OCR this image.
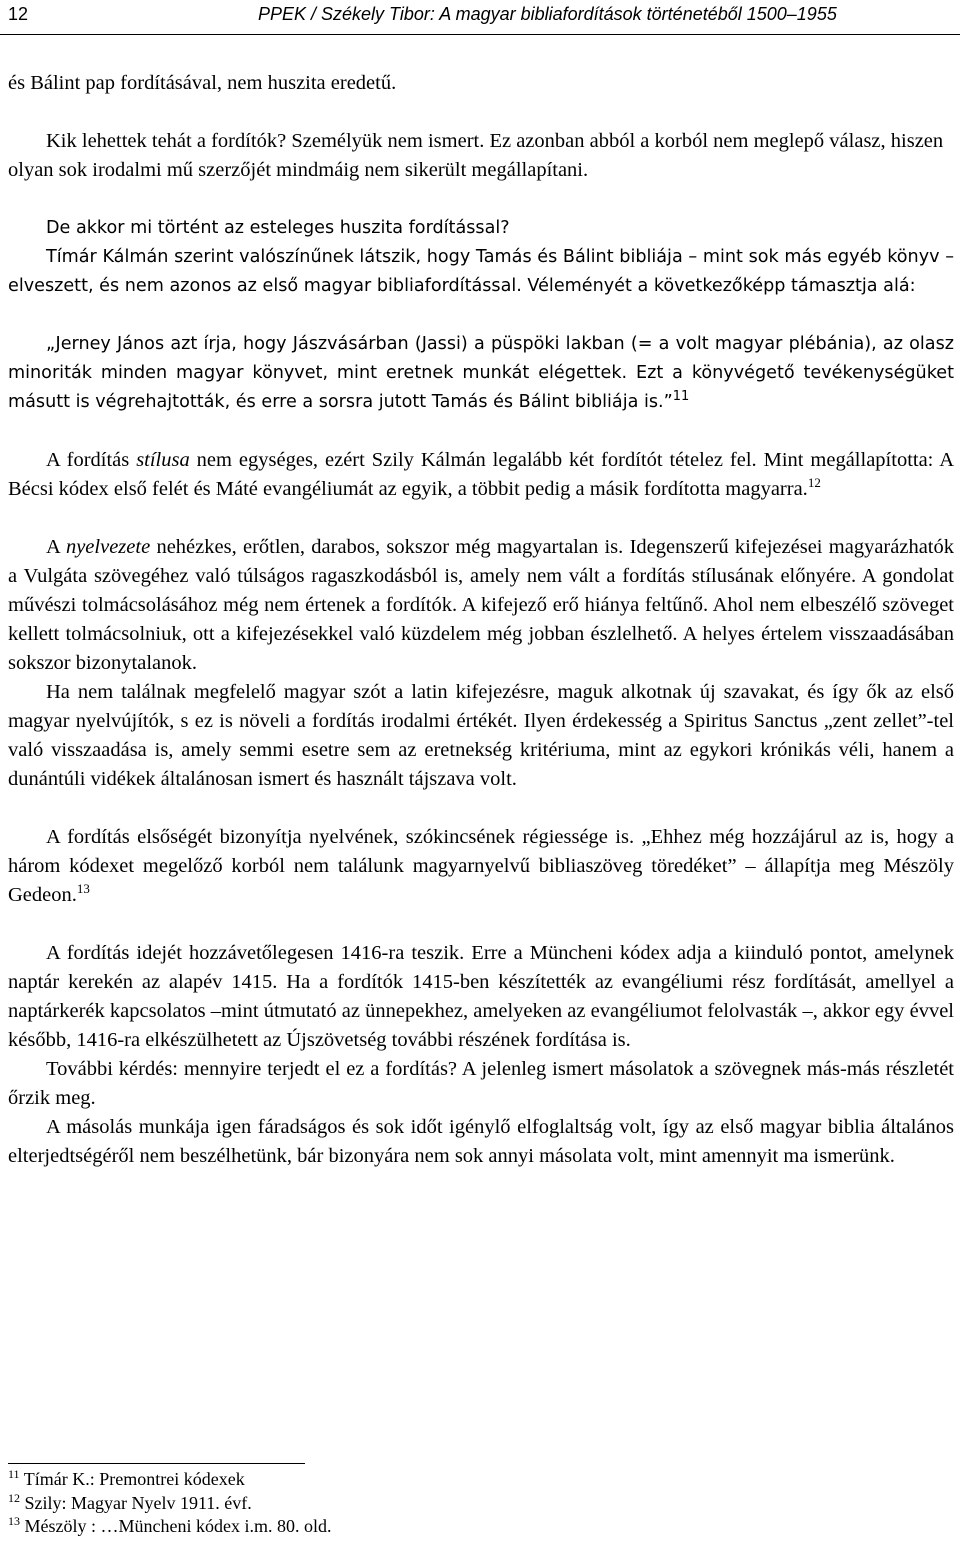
12	PPEK / Székely Tibor: A magyar bibliafordítások történetéből 1500–1955

és Bálint pap fordításával, nem huszita eredetű.

Kik lehettek tehát a fordítók? Személyük nem ismert. Ez azonban abból a korból nem meglepő válasz, hiszen olyan sok irodalmi mű szerzőjét mindmáig nem sikerült megállapítani.

De akkor mi történt az esteleges huszita fordítással?

Tímár Kálmán szerint valószínűnek látszik, hogy Tamás és Bálint bibliája – mint sok más egyéb könyv – elveszett, és nem azonos az első magyar bibliafordítással. Véleményét a következőképp támasztja alá:

„Jerney János azt írja, hogy Jászvásárban (Jassi) a püspöki lakban (= a volt magyar plébánia), az olasz minoriták minden magyar könyvet, mint eretnek munkát elégettek. Ezt a könyvégető tevékenységüket másutt is végrehajtották, és erre a sorsra jutott Tamás és Bálint bibliája is.”$^{11}$

A fordítás stílusa nem egységes, ezért Szily Kálmán legalább két fordítót tételez fel. Mint megállapította: A Bécsi kódex első felét és Máté evangéliumát az egyik, a többit pedig a másik fordította magyarra.$^{12}$

A nyelvezete nehézkes, erőtlen, darabos, sokszor még magyartalan is. Idegenszerű kifejezései magyarázhatók a Vulgáta szövegéhez való túlságos ragaszkodásból is, amely nem vált a fordítás stílusának előnyére. A gondolat művészi tolmácsolásához még nem értenek a fordítók. A kifejező erő hiánya feltűnő. Ahol nem elbeszélő szöveget kellett tolmácsolniuk, ott a kifejezésekkel való küzdelem még jobban észlelhető. A helyes értelem visszaadásában sokszor bizonytalanok.

Ha nem találnak megfelelő magyar szót a latin kifejezésre, maguk alkotnak új szavakat, és így ők az első magyar nyelvújítók, s ez is növeli a fordítás irodalmi értékét. Ilyen érdekesség a Spiritus Sanctus „zent zellet”-tel való visszaadása is, amely semmi esetre sem az eretnekség kritériuma, mint az egykori krónikás véli, hanem a dunántúli vidékek általánosan ismert és használt tájszava volt.

A fordítás elsőségét bizonyítja nyelvének, szókincsének régiessége is. „Ehhez még hozzájárul az is, hogy a három kódexet megelőző korból nem találunk magyarnyelvű bibliaszöveg töredéket” – állapítja meg Mészöly Gedeon.$^{13}$

A fordítás idejét hozzávetőlegesen 1416-ra teszik. Erre a Müncheni kódex adja a kiinduló pontot, amelynek naptár kerekén az alapév 1415. Ha a fordítók 1415-ben készítették az evangéliumi rész fordítását, amellyel a naptárkerék kapcsolatos –mint útmutató az ünnepekhez, amelyeken az evangéliumot felolvasták –, akkor egy évvel később, 1416-ra elkészülhetett az Újszövetség további részének fordítása is.

További kérdés: mennyire terjedt el ez a fordítás? A jelenleg ismert másolatok a szövegnek más-más részletét őrzik meg.

A másolás munkája igen fáradságos és sok időt igénylő elfoglaltság volt, így az első magyar biblia általános elterjedtségéről nem beszélhetünk, bár bizonyára nem sok annyi másolata volt, mint amennyit ma ismerünk.

$^{11}$ Tímár K.: Premontrei kódexek
$^{12}$ Szily: Magyar Nyelv 1911. évf.
$^{13}$ Mészöly : …Müncheni kódex i.m. 80. old.
